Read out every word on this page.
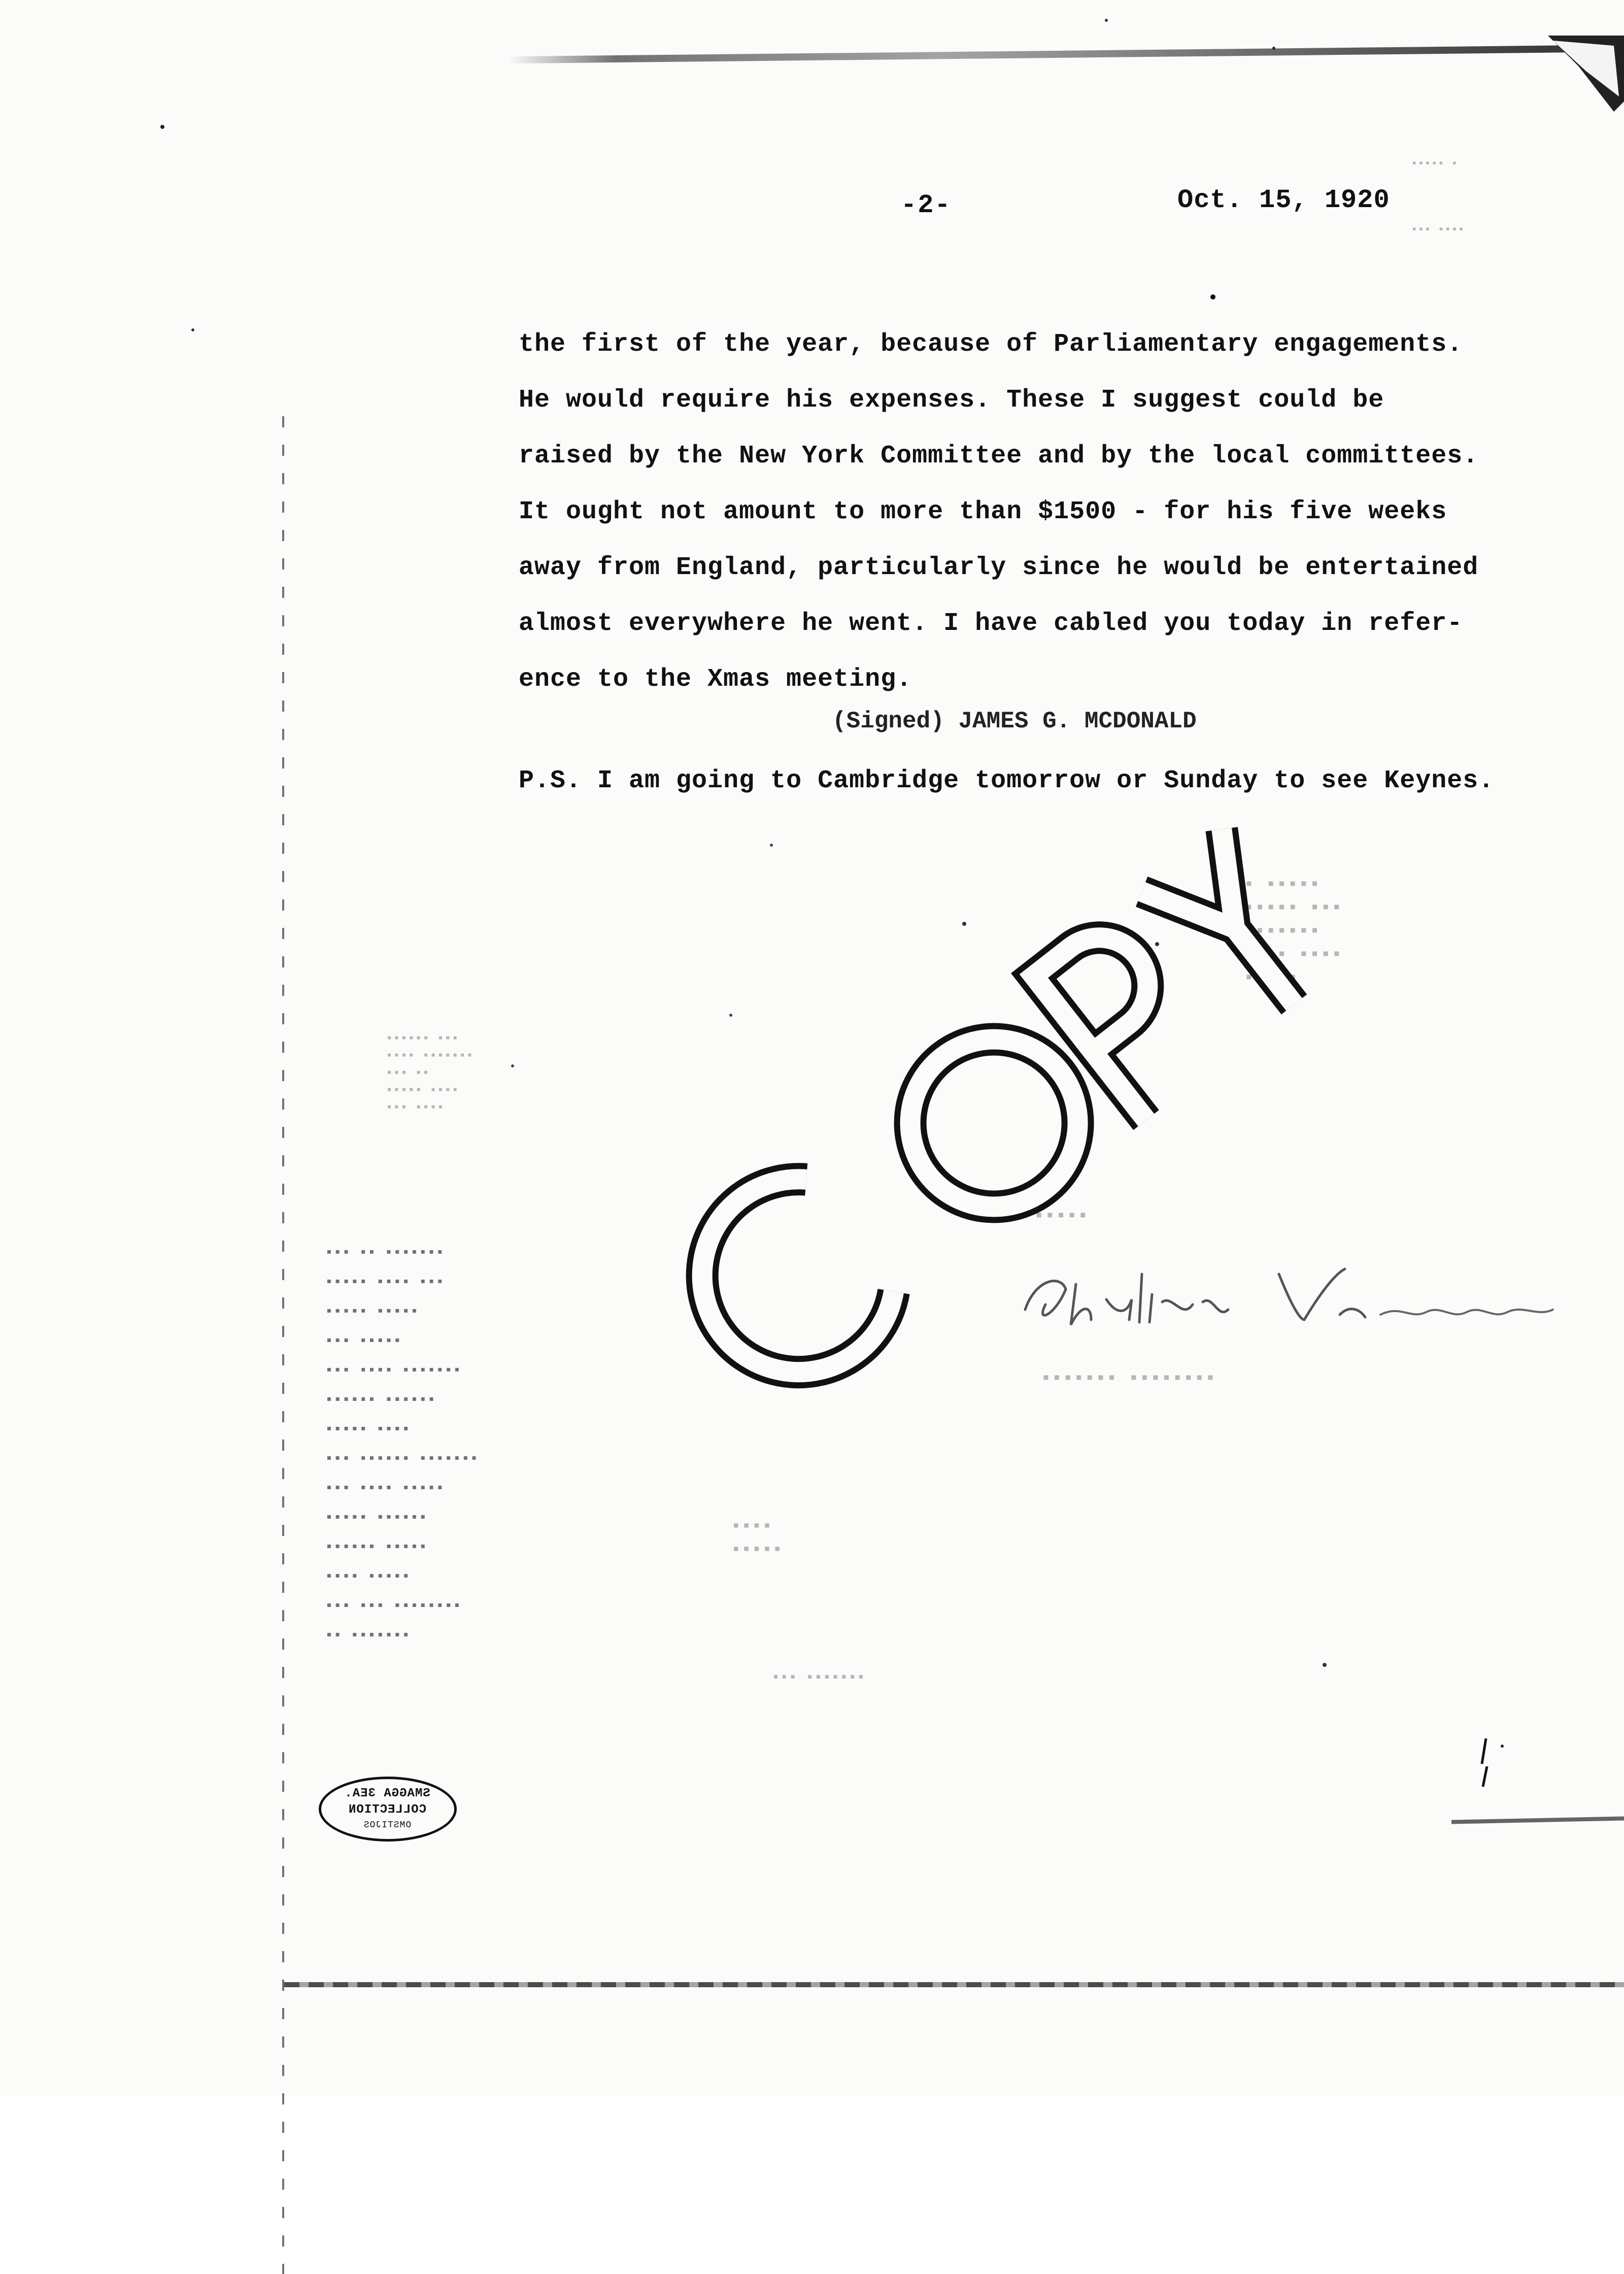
-2-	Oct. 15, 1920
▪▪▪▪▪ ▪
▪▪▪ ▪▪▪▪
▪▪▪▪▪▪ ▪▪▪
▪▪▪▪ ▪▪▪▪▪▪▪
▪▪▪ ▪▪
▪▪▪▪▪ ▪▪▪▪
▪▪▪ ▪▪▪▪
▪▪▪ ▪▪ ▪▪▪▪▪▪▪
▪▪▪▪▪ ▪▪▪▪ ▪▪▪
▪▪▪▪▪ ▪▪▪▪▪
▪▪▪ ▪▪▪▪▪
▪▪▪ ▪▪▪▪ ▪▪▪▪▪▪▪
▪▪▪▪▪▪ ▪▪▪▪▪▪
▪▪▪▪▪ ▪▪▪▪
▪▪▪ ▪▪▪▪▪▪ ▪▪▪▪▪▪▪
▪▪▪ ▪▪▪▪ ▪▪▪▪▪
▪▪▪▪▪ ▪▪▪▪▪▪
▪▪▪▪▪▪ ▪▪▪▪▪
▪▪▪▪ ▪▪▪▪▪
▪▪▪ ▪▪▪ ▪▪▪▪▪▪▪▪
▪▪ ▪▪▪▪▪▪▪
▪ ▪▪▪▪▪
▪▪▪▪▪ ▪▪▪
▪▪▪▪▪▪▪
▪▪▪▪ ▪▪▪▪
▪▪▪▪▪
▪▪▪ ▪▪▪▪▪
▪▪▪▪▪▪▪ ▪▪▪▪▪▪▪▪
▪▪▪▪
▪▪▪▪▪
▪▪▪ ▪▪▪▪▪▪▪
the first of the year, because of Parliamentary engagements.
He would require his expenses. These I suggest could be
raised by the New York Committee and by the local committees.
It ought not amount to more than $1500 - for his five weeks
away from England, particularly since he would be entertained
almost everywhere he went. I have cabled you today in refer-
ence to the Xmas meeting.
(Signed) JAMES G. MCDONALD
P.S. I am going to Cambridge tomorrow or Sunday to see Keynes.
SMAGGA 3EA.
COLLECTION
OMSTIJOS
